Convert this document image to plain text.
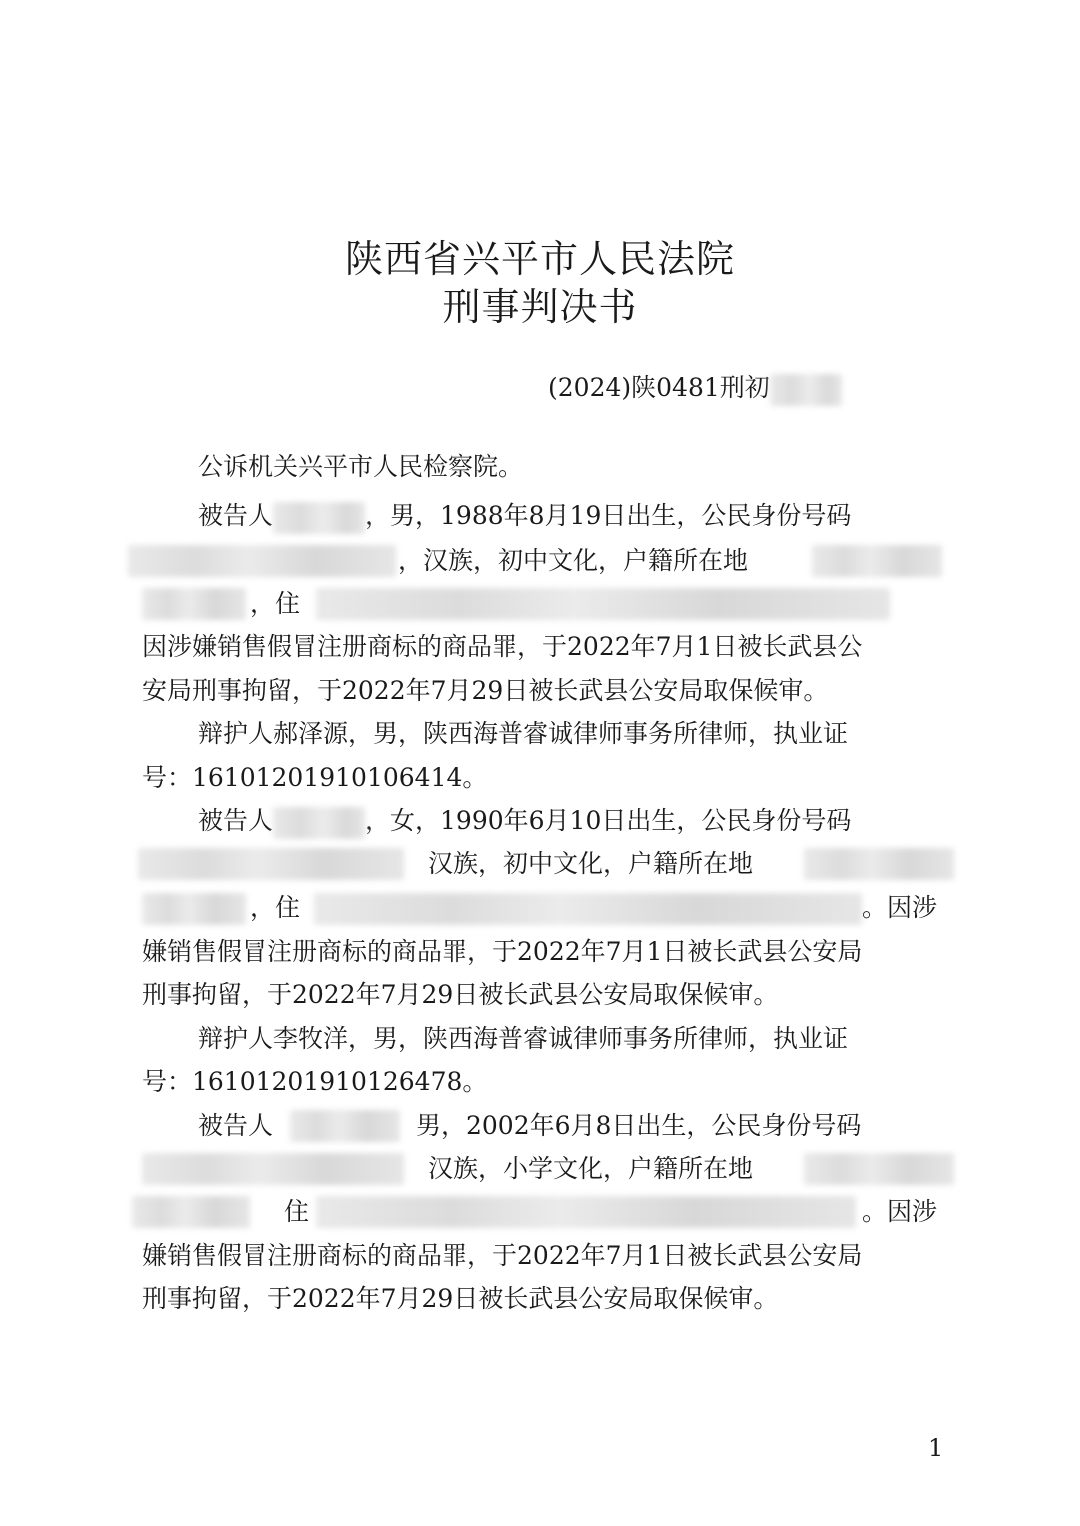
陕西省兴平市人民法院
刑事判决书
(2024)陕0481刑初
公诉机关兴平市人民检察院。
被告人	，男，1988年8月19日出生，公民身份号码
，汉族，初中文化，户籍所在地
，住
因涉嫌销售假冒注册商标的商品罪，于2022年7月1日被长武县公
安局刑事拘留，于2022年7月29日被长武县公安局取保候审。
辩护人郝泽源，男，陕西海普睿诚律师事务所律师，执业证
号：16101201910106414。
被告人	，女，1990年6月10日出生，公民身份号码
汉族，初中文化，户籍所在地
，住	。因涉
嫌销售假冒注册商标的商品罪，于2022年7月1日被长武县公安局
刑事拘留，于2022年7月29日被长武县公安局取保候审。
辩护人李牧洋，男，陕西海普睿诚律师事务所律师，执业证
号：16101201910126478。
被告人	男，2002年6月8日出生，公民身份号码
汉族，小学文化，户籍所在地
住	。因涉
嫌销售假冒注册商标的商品罪，于2022年7月1日被长武县公安局
刑事拘留，于2022年7月29日被长武县公安局取保候审。
1
